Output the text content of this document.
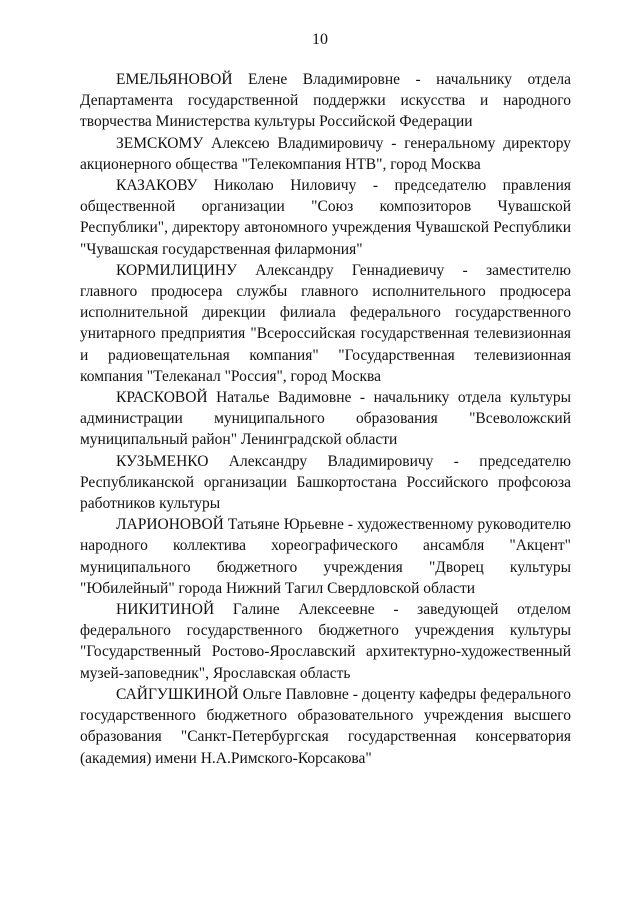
10

ЕМЕЛЬЯНОВОЙ Елене Владимировне - начальнику отдела Департамента государственной поддержки искусства и народного творчества Министерства культуры Российской Федерации

ЗЕМСКОМУ Алексею Владимировичу - генеральному директору акционерного общества "Телекомпания НТВ", город Москва

КАЗАКОВУ Николаю Ниловичу - председателю правления общественной организации "Союз композиторов Чувашской Республики", директору автономного учреждения Чувашской Республики "Чувашская государственная филармония"

КОРМИЛИЦИНУ Александру Геннадиевичу - заместителю главного продюсера службы главного исполнительного продюсера исполнительной дирекции филиала федерального государственного унитарного предприятия "Всероссийская государственная телевизионная и радиовещательная компания" "Государственная телевизионная компания "Телеканал "Россия", город Москва

КРАСКОВОЙ Наталье Вадимовне - начальнику отдела культуры администрации муниципального образования "Всеволожский муниципальный район" Ленинградской области

КУЗЬМЕНКО Александру Владимировичу - председателю Республиканской организации Башкортостана Российского профсоюза работников культуры

ЛАРИОНОВОЙ Татьяне Юрьевне - художественному руководителю народного коллектива хореографического ансамбля "Акцент" муниципального бюджетного учреждения "Дворец культуры "Юбилейный" города Нижний Тагил Свердловской области

НИКИТИНОЙ Галине Алексеевне - заведующей отделом федерального государственного бюджетного учреждения культуры "Государственный Ростово-Ярославский архитектурно-художественный музей-заповедник", Ярославская область

САЙГУШКИНОЙ Ольге Павловне - доценту кафедры федерального государственного бюджетного образовательного учреждения высшего образования "Санкт-Петербургская государственная консерватория (академия) имени Н.А.Римского-Корсакова"
